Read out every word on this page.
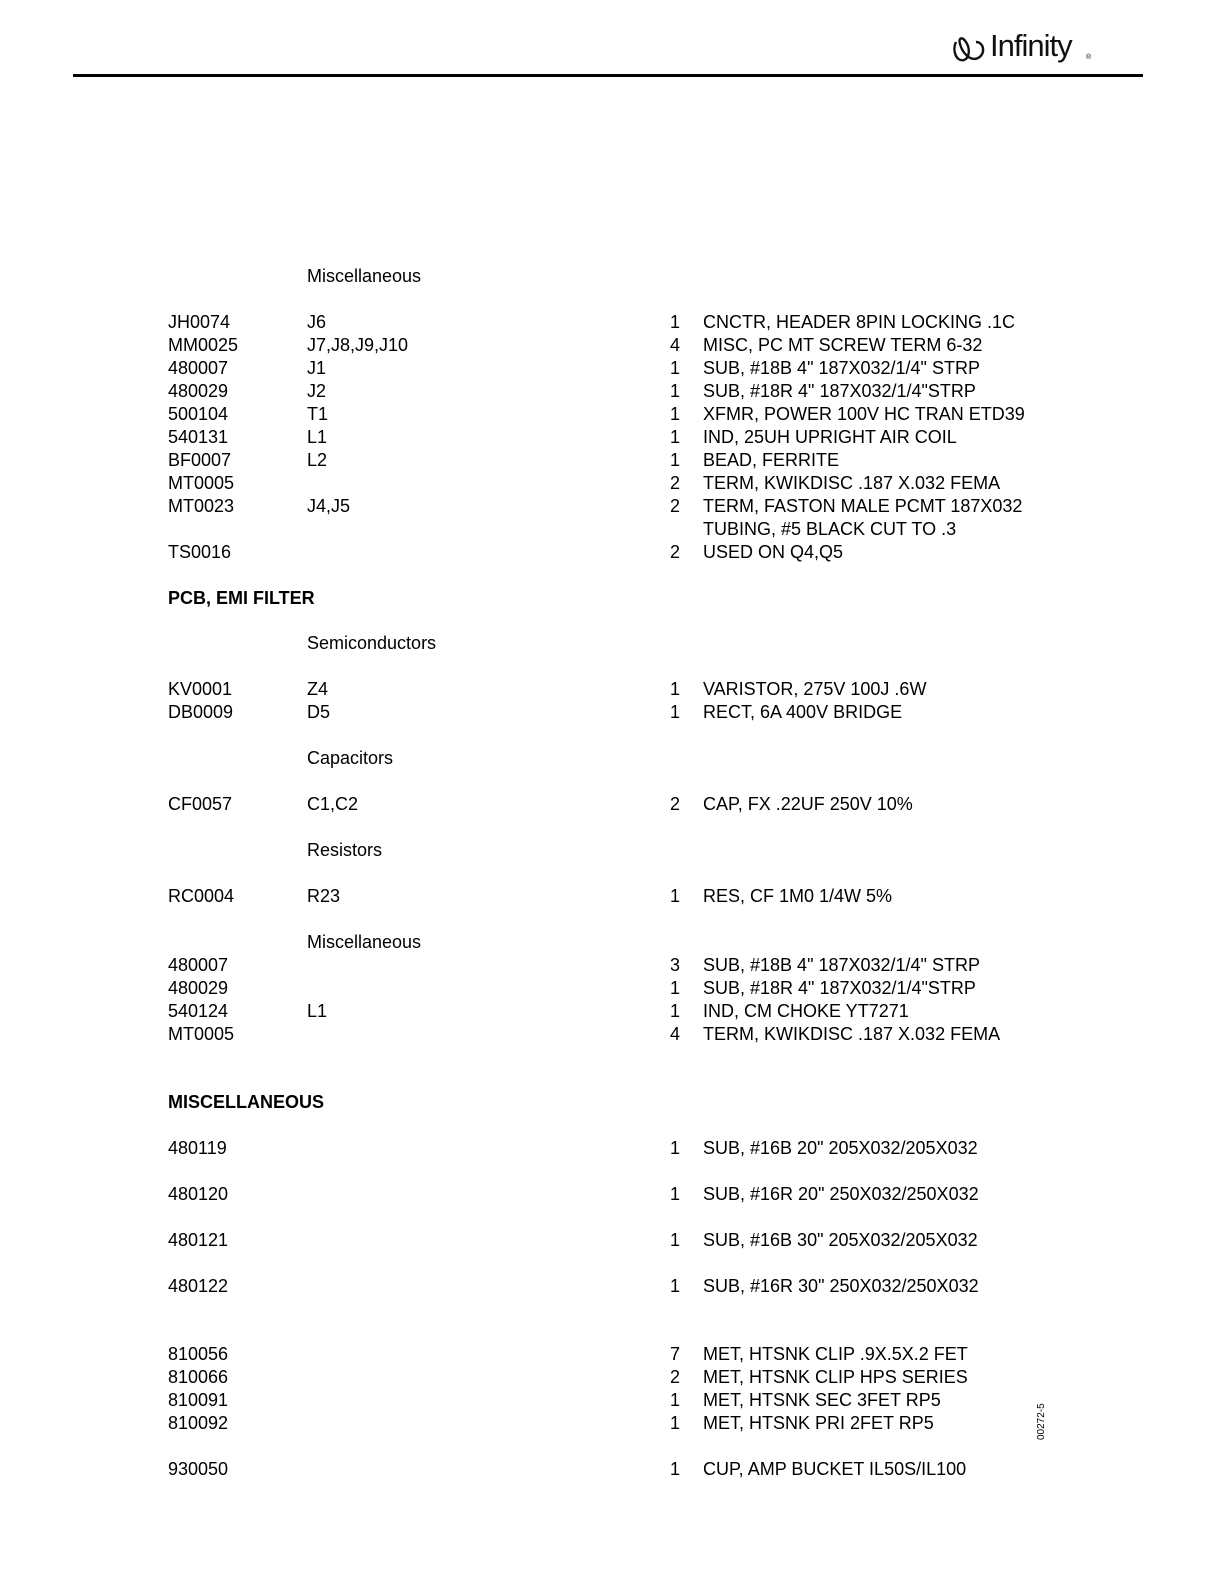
Infinity ®
Miscellaneous
JH0074	J6	1 CNCTR, HEADER 8PIN LOCKING .1C
MM0025	J7,J8,J9,J10	4 MISC, PC MT SCREW TERM 6-32
480007	J1	1 SUB, #18B 4" 187X032/1/4" STRP
480029	J2	1 SUB, #18R 4" 187X032/1/4"STRP
500104	T1	1 XFMR, POWER 100V HC TRAN ETD39
540131	L1	1 IND, 25UH UPRIGHT AIR COIL
BF0007	L2	1 BEAD, FERRITE
MT0005	2 TERM, KWIKDISC .187 X.032 FEMA
MT0023	J4,J5	2 TERM, FASTON MALE PCMT 187X032
TUBING, #5 BLACK CUT TO .3
TS0016	2 USED ON Q4,Q5
PCB, EMI FILTER
Semiconductors
KV0001	Z4	1 VARISTOR, 275V 100J .6W
DB0009	D5	1 RECT, 6A 400V BRIDGE
Capacitors
CF0057	C1,C2	2 CAP, FX .22UF 250V 10%
Resistors
RC0004	R23	1 RES, CF 1M0 1/4W 5%
Miscellaneous
480007	3 SUB, #18B 4" 187X032/1/4" STRP
480029	1 SUB, #18R 4" 187X032/1/4"STRP
540124	L1	1 IND, CM CHOKE YT7271
MT0005	4 TERM, KWIKDISC .187 X.032 FEMA
MISCELLANEOUS
480119	1 SUB, #16B 20" 205X032/205X032
480120	1 SUB, #16R 20" 250X032/250X032
480121	1 SUB, #16B 30" 205X032/205X032
480122	1 SUB, #16R 30" 250X032/250X032
810056	7 MET, HTSNK CLIP .9X.5X.2 FET
810066	2 MET, HTSNK CLIP HPS SERIES
810091	1 MET, HTSNK SEC 3FET RP5
810092	1 MET, HTSNK PRI 2FET RP5
930050	1 CUP, AMP BUCKET IL50S/IL100
00272-5
